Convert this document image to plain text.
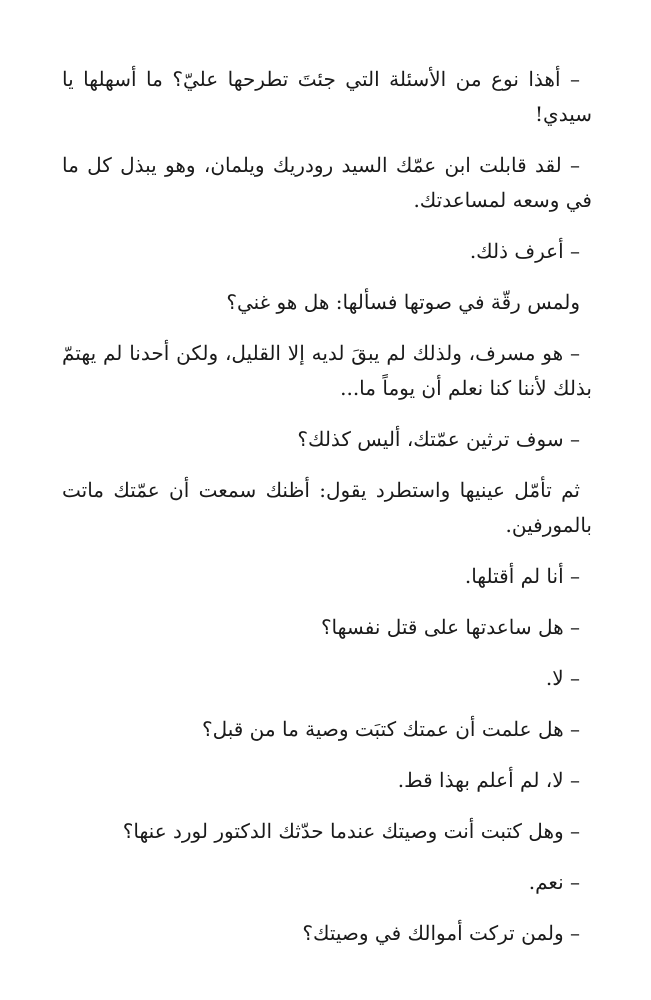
– أهذا نوع من الأسئلة التي جئتَ تطرحها عليّ؟ ما أسهلها يا سيدي!

– لقد قابلت ابن عمّك السيد رودريك ويلمان، وهو يبذل كل ما في وسعه لمساعدتك.

– أعرف ذلك.

ولمس رقّة في صوتها فسألها: هل هو غني؟

– هو مسرف، ولذلك لم يبقَ لديه إلا القليل، ولكن أحدنا لم يهتمّ بذلك لأننا كنا نعلم أن يوماً ما...

– سوف ترثين عمّتك، أليس كذلك؟

ثم تأمّل عينيها واستطرد يقول: أظنك سمعت أن عمّتك ماتت بالمورفين.

– أنا لم أقتلها.

– هل ساعدتها على قتل نفسها؟

– لا.

– هل علمت أن عمتك كتبَت وصية ما من قبل؟

– لا، لم أعلم بهذا قط.

– وهل كتبت أنت وصيتك عندما حدّثك الدكتور لورد عنها؟

– نعم.

– ولمن تركت أموالك في وصيتك؟
